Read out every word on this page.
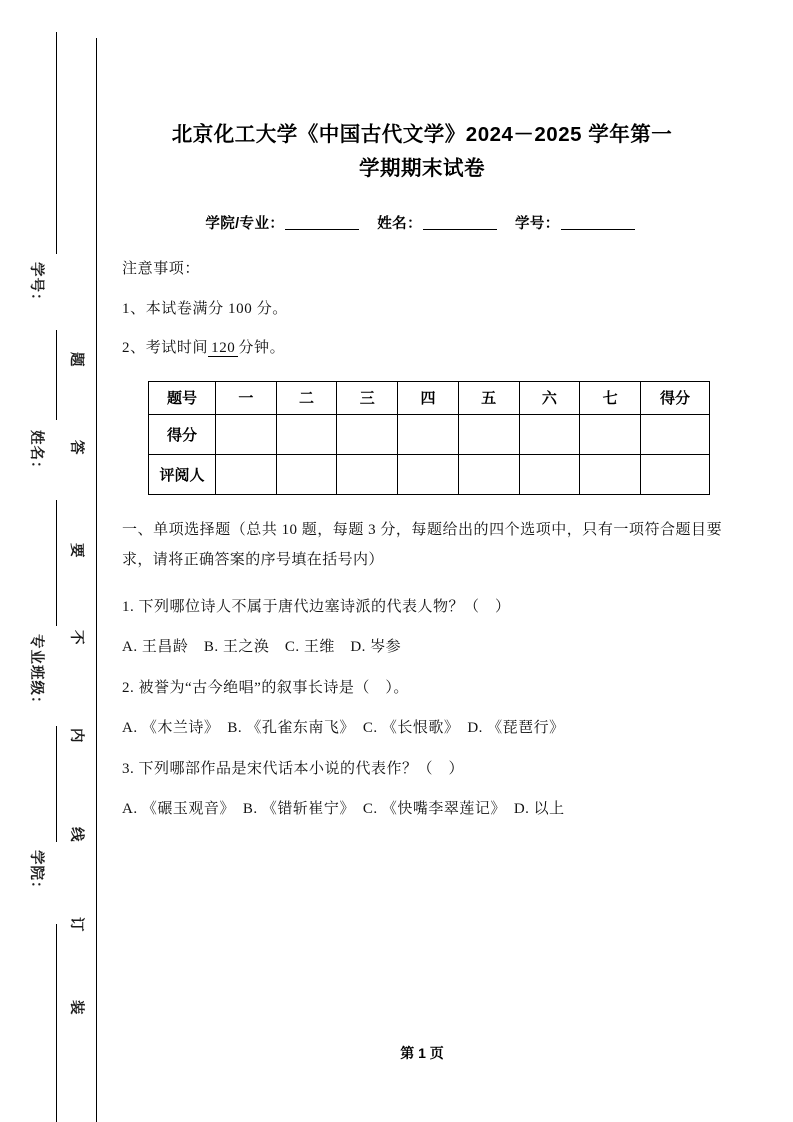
学号：
姓名：
专业班级：
学院：
题
答
要
不
内
线
订
装
北京化工大学《中国古代文学》2024－2025 学年第一
学期期末试卷
学院/专业：	姓名：	学号：
注意事项：
1、本试卷满分 100 分。
2、考试时间 120 分钟。
题号	一	二	三	四	五	六	七	得分
得分								
评阅人								
一、单项选择题（总共 10 题，每题 3 分，每题给出的四个选项中，只有一项符合题目要求，请将正确答案的序号填在括号内）
1. 下列哪位诗人不属于唐代边塞诗派的代表人物？（　）
A. 王昌龄　B. 王之涣　C. 王维　D. 岑参
2. 被誉为“古今绝唱”的叙事长诗是（　）。
A. 《木兰诗》　B. 《孔雀东南飞》　C. 《长恨歌》　D. 《琵琶行》
3. 下列哪部作品是宋代话本小说的代表作？（　）
A. 《碾玉观音》　B. 《错斩崔宁》　C. 《快嘴李翠莲记》　D. 以上
第 1 页
